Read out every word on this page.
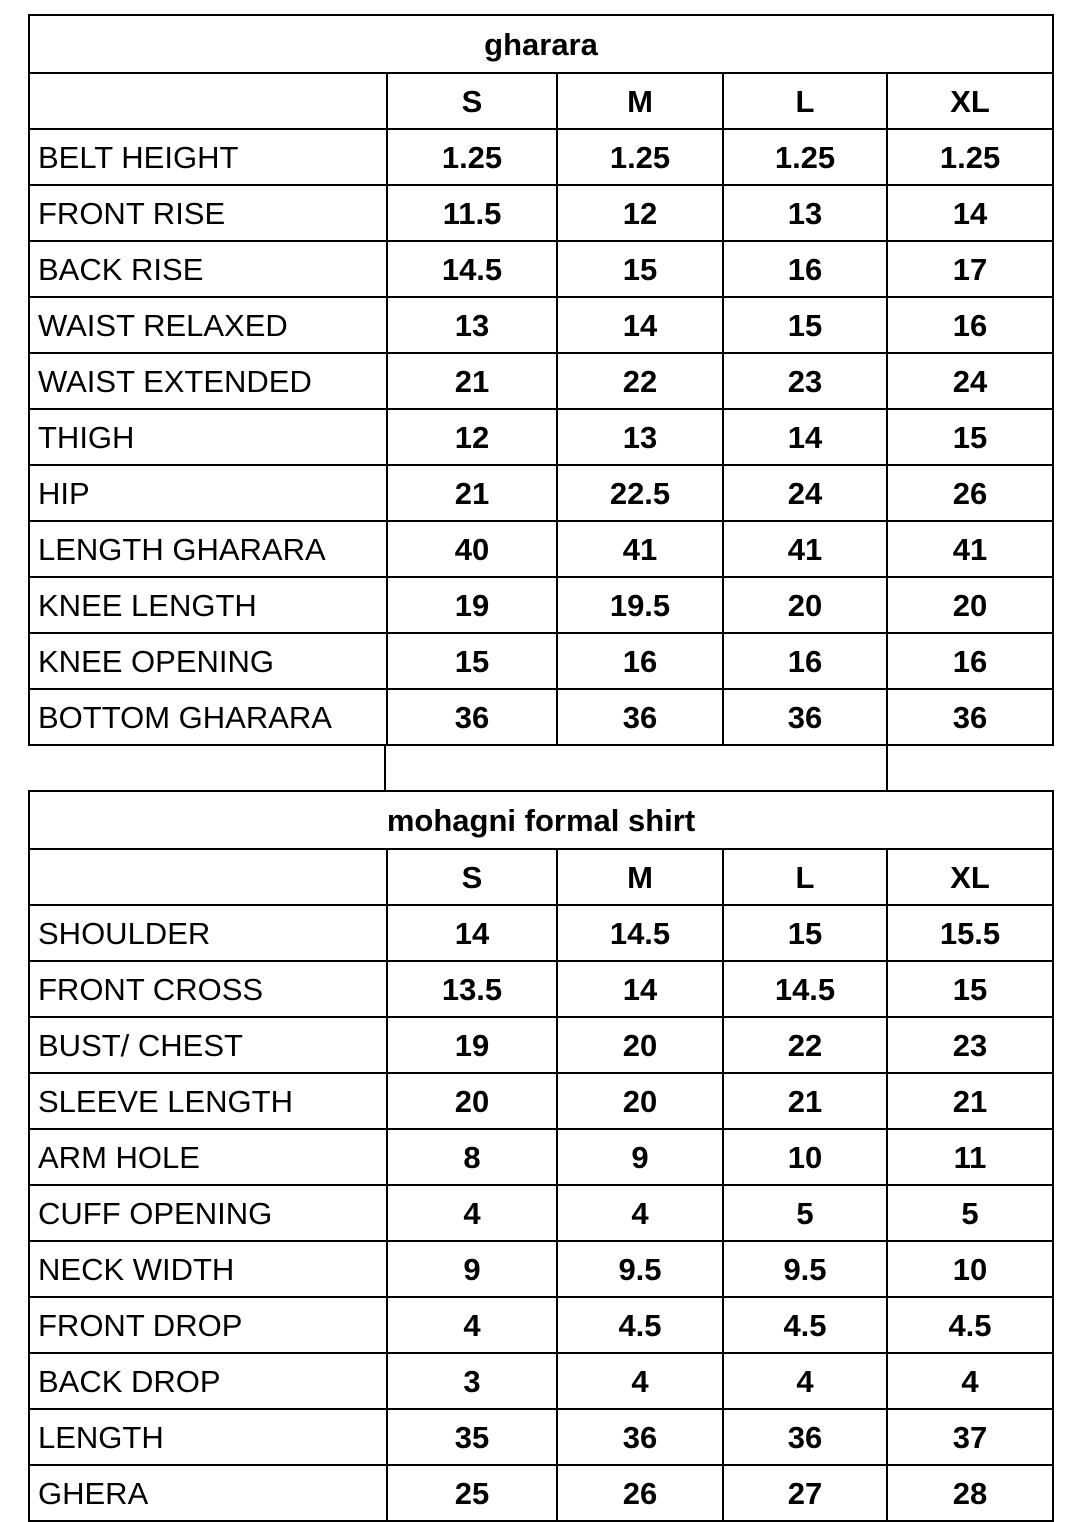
gharara				
	S	M	L	XL
BELT HEIGHT	1.25	1.25	1.25	1.25
FRONT RISE	11.5	12	13	14
BACK RISE	14.5	15	16	17
WAIST RELAXED	13	14	15	16
WAIST EXTENDED	21	22	23	24
THIGH	12	13	14	15
HIP	21	22.5	24	26
LENGTH GHARARA	40	41	41	41
KNEE LENGTH	19	19.5	20	20
KNEE OPENING	15	16	16	16
BOTTOM GHARARA	36	36	36	36
mohagni formal shirt				
	S	M	L	XL
SHOULDER	14	14.5	15	15.5
FRONT CROSS	13.5	14	14.5	15
BUST/ CHEST	19	20	22	23
SLEEVE LENGTH	20	20	21	21
ARM HOLE	8	9	10	11
CUFF OPENING	4	4	5	5
NECK WIDTH	9	9.5	9.5	10
FRONT DROP	4	4.5	4.5	4.5
BACK DROP	3	4	4	4
LENGTH	35	36	36	37
GHERA	25	26	27	28
